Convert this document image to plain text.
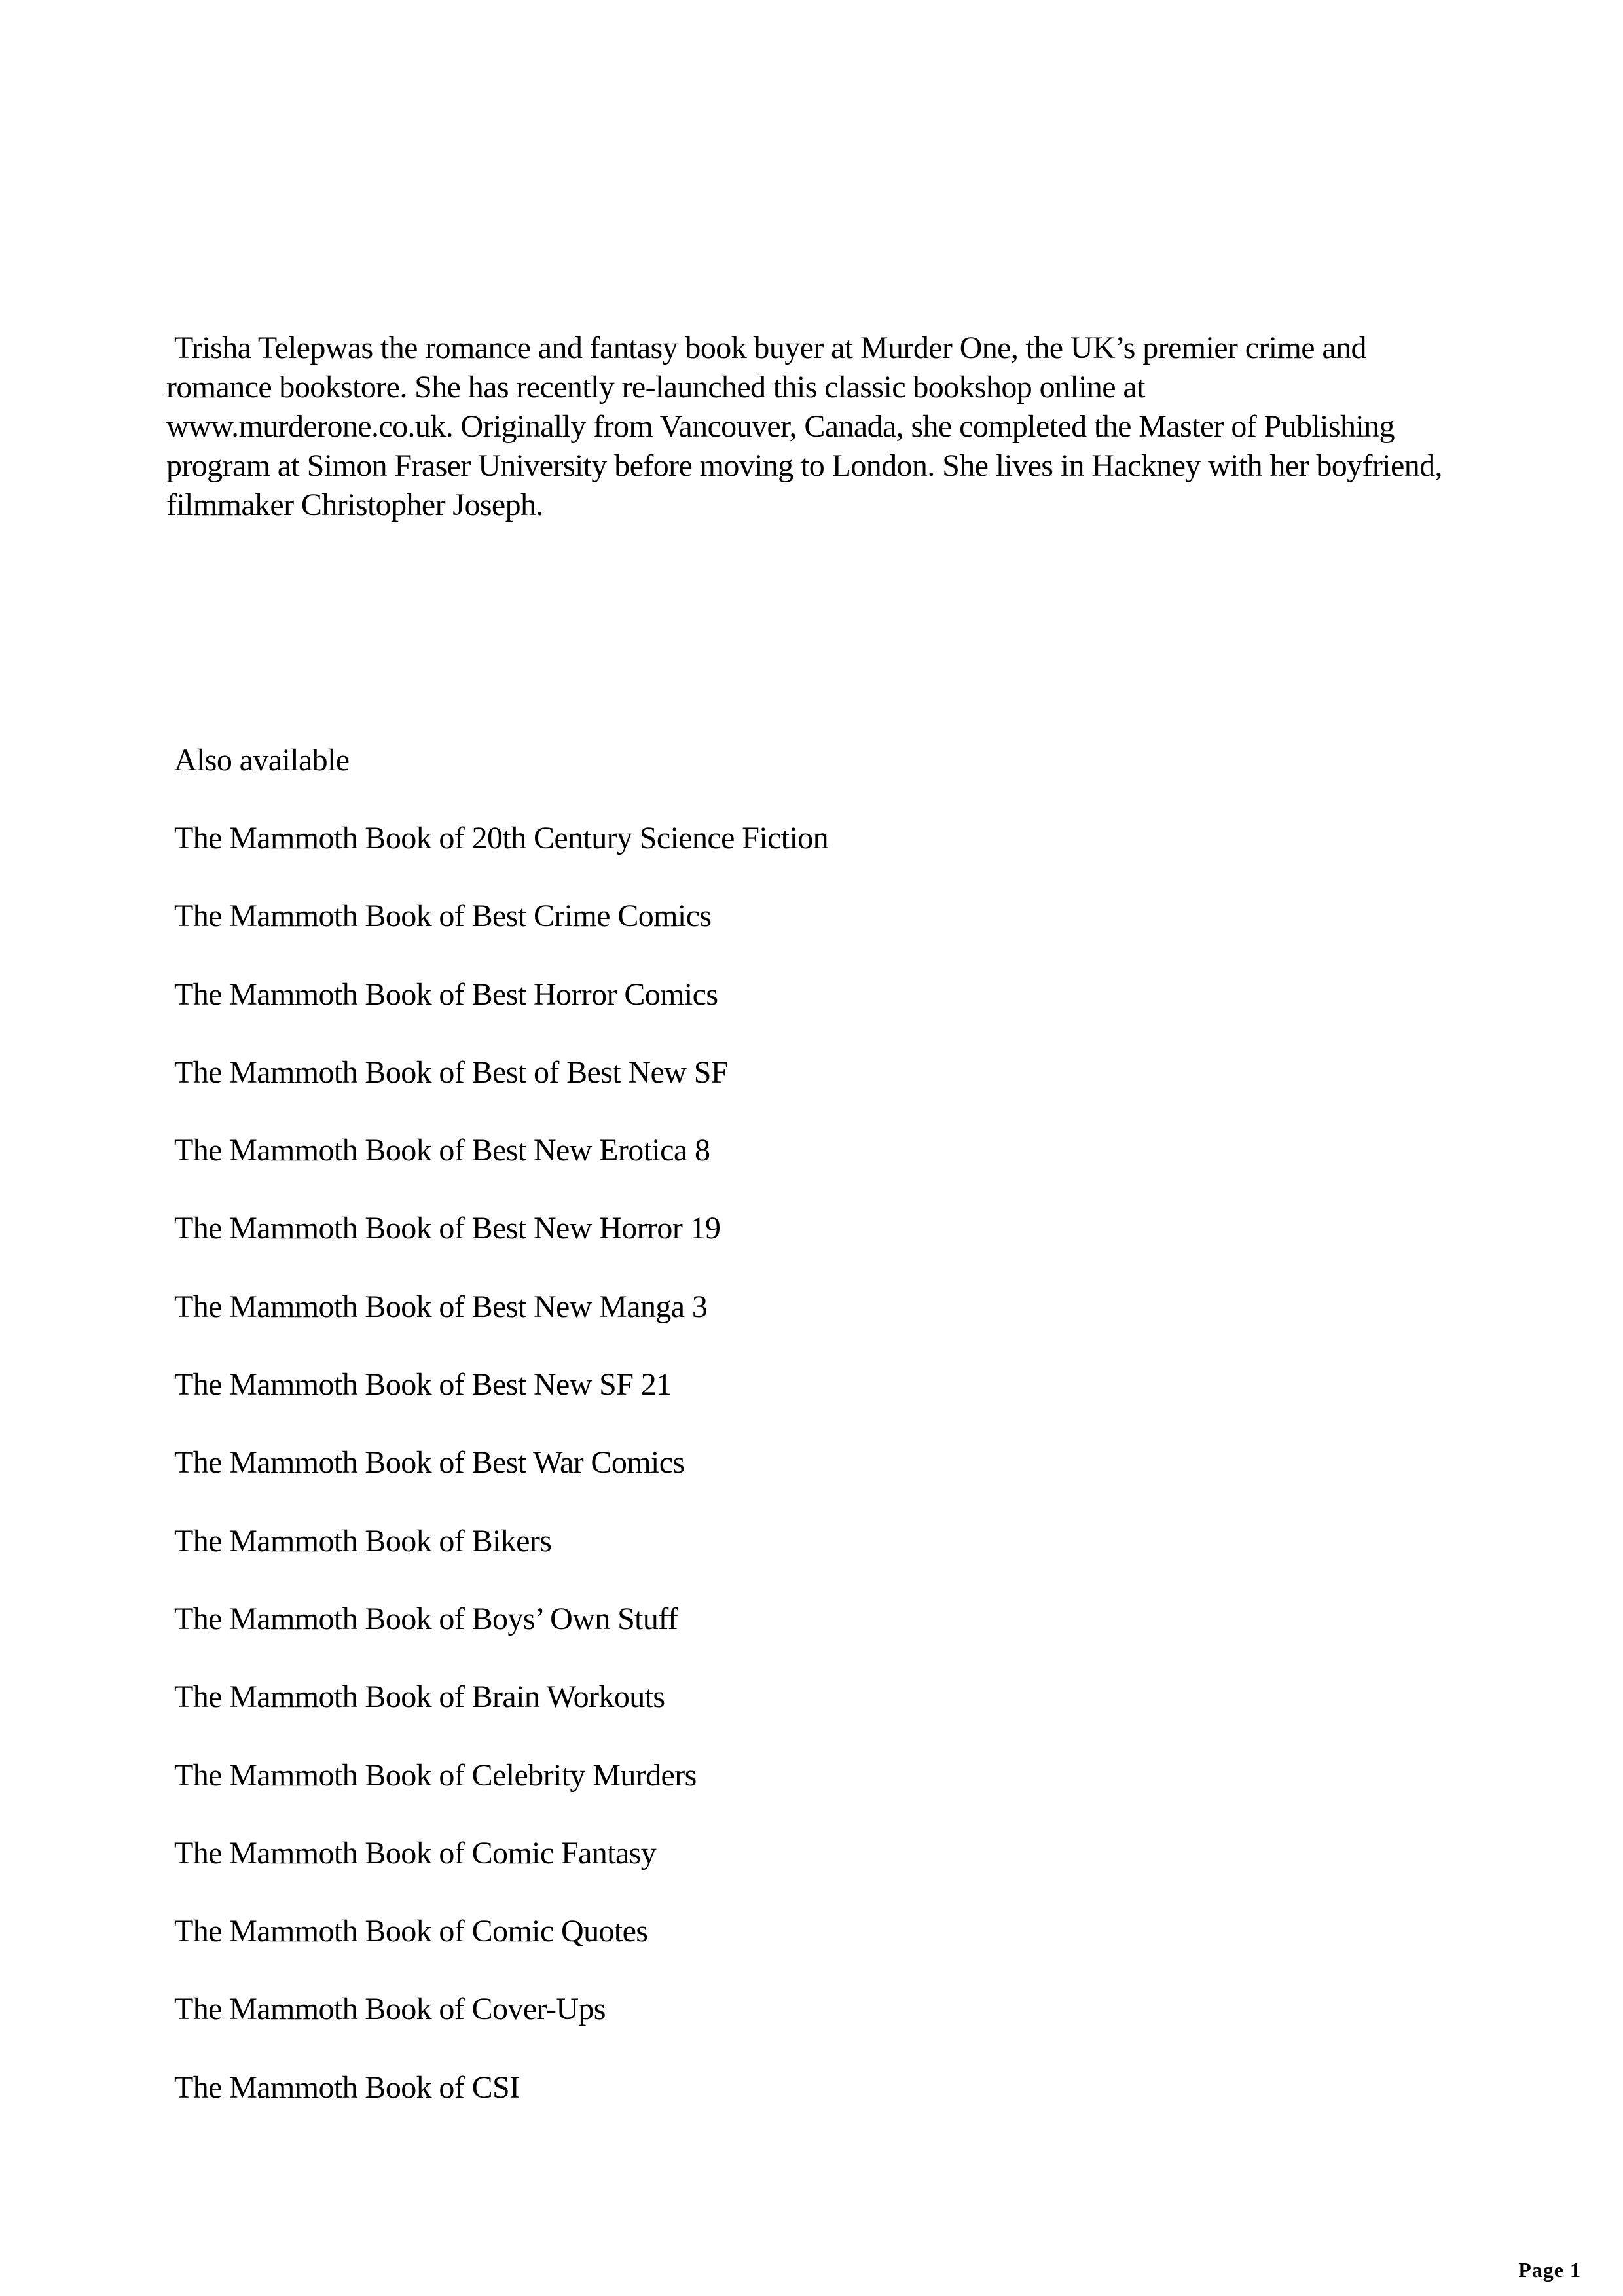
Trisha Telepwas the romance and fantasy book buyer at Murder One, the UK’s premier crime and
romance bookstore. She has recently re-launched this classic bookshop online at
www.murderone.co.uk. Originally from Vancouver, Canada, she completed the Master of Publishing
program at Simon Fraser University before moving to London. She lives in Hackney with her boyfriend,
filmmaker Christopher Joseph.

Also available
The Mammoth Book of 20th Century Science Fiction
The Mammoth Book of Best Crime Comics
The Mammoth Book of Best Horror Comics
The Mammoth Book of Best of Best New SF
The Mammoth Book of Best New Erotica 8
The Mammoth Book of Best New Horror 19
The Mammoth Book of Best New Manga 3
The Mammoth Book of Best New SF 21
The Mammoth Book of Best War Comics
The Mammoth Book of Bikers
The Mammoth Book of Boys’ Own Stuff
The Mammoth Book of Brain Workouts
The Mammoth Book of Celebrity Murders
The Mammoth Book of Comic Fantasy
The Mammoth Book of Comic Quotes
The Mammoth Book of Cover-Ups
The Mammoth Book of CSI
Page 1
